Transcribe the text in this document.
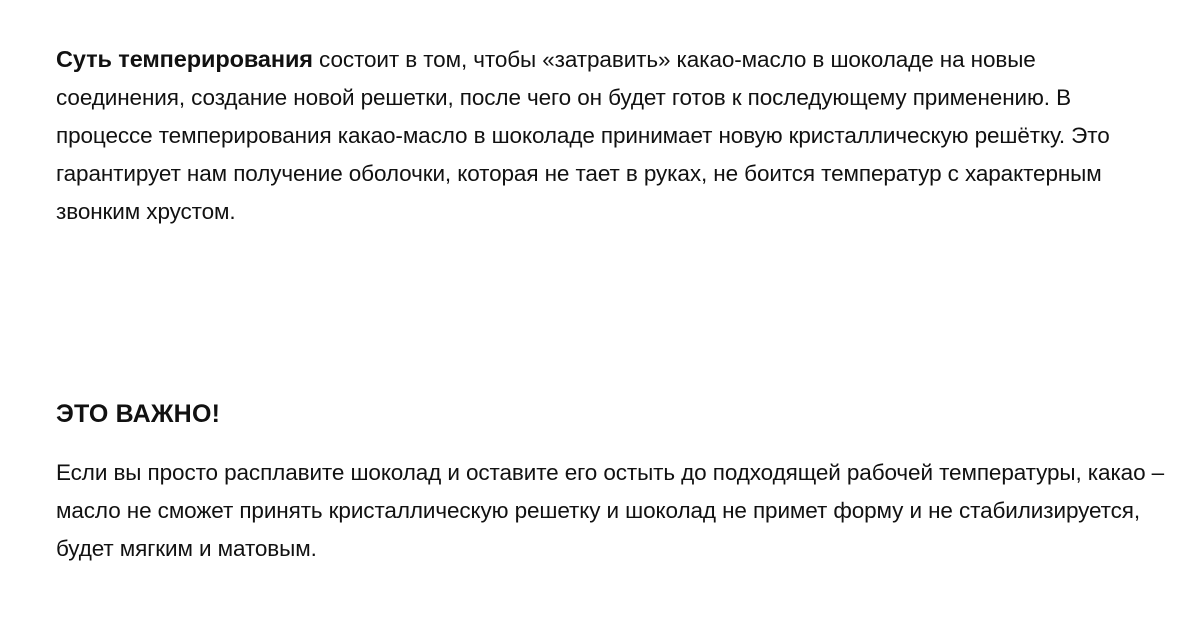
Суть темперирования состоит в том, чтобы «затравить» какао-масло в шоколаде на новые соединения, создание новой решетки, после чего он будет готов к последующему применению. В процессе темперирования какао-масло в шоколаде принимает новую кристаллическую решётку. Это гарантирует нам получение оболочки, которая не тает в руках, не боится температур с характерным звонким хрустом.

ЭТО ВАЖНО!

Если вы просто расплавите шоколад и оставите его остыть до подходящей рабочей температуры, какао – масло не сможет принять кристаллическую решетку и шоколад не примет форму и не стабилизируется, будет мягким и матовым.
